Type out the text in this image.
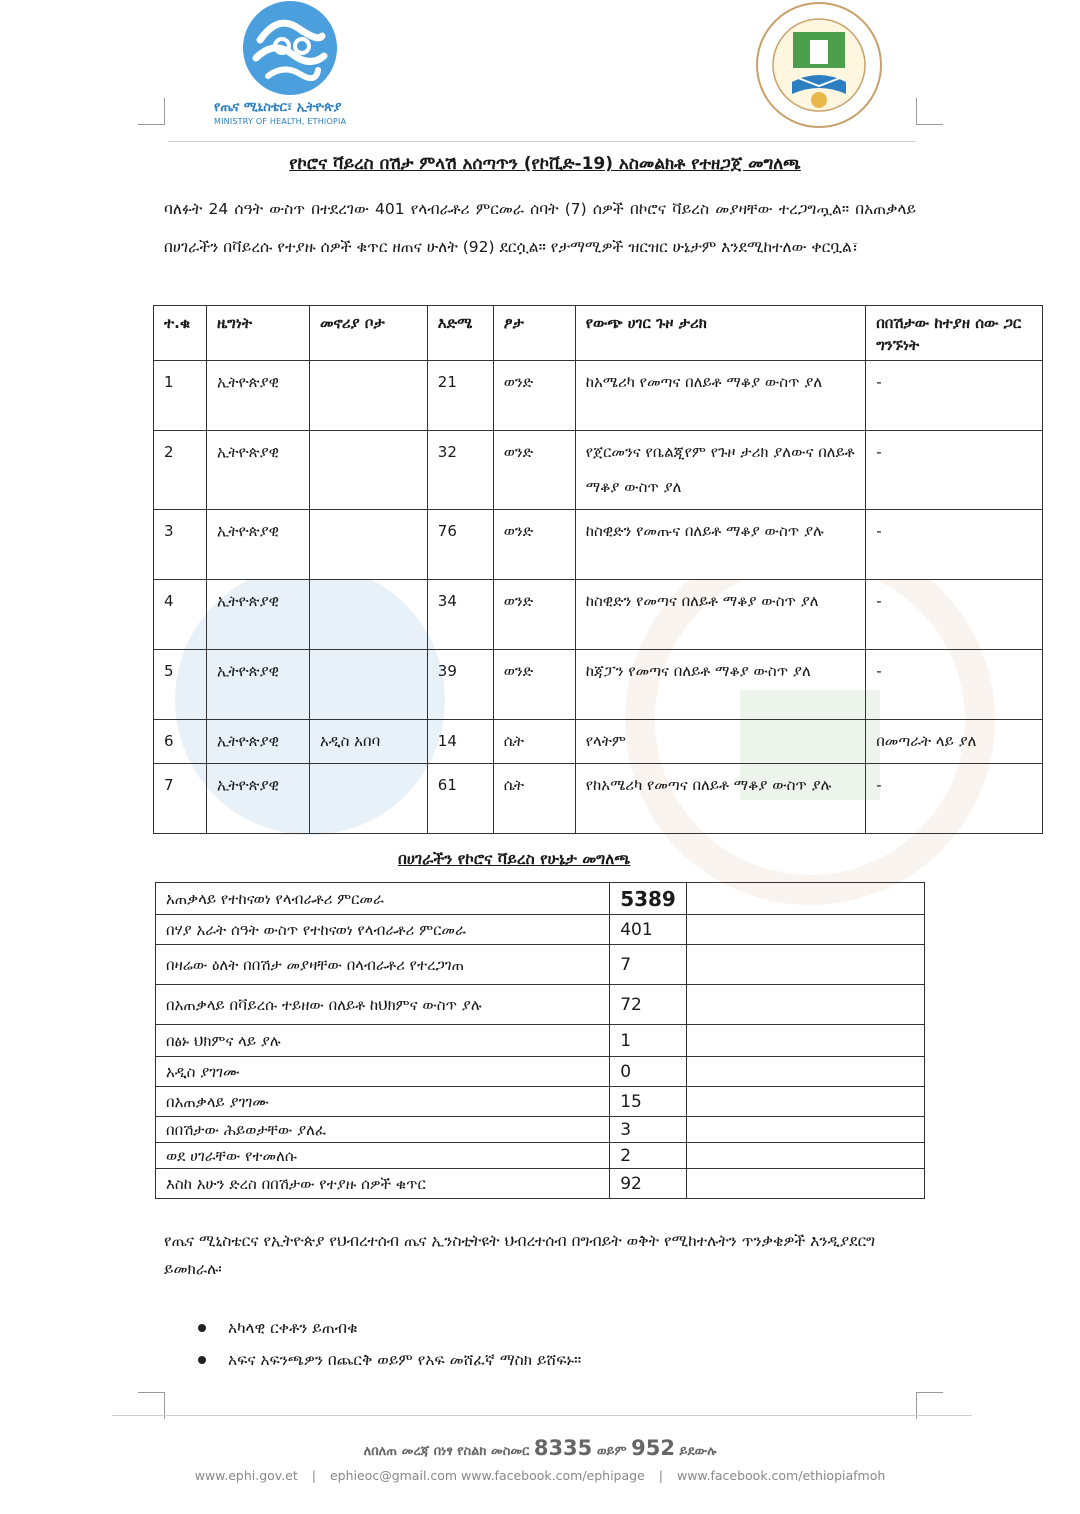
የጤና ሚኒስቴር፣ ኢትዮጵያ
MINISTRY OF HEALTH, ETHIOPIA
የኮሮና ቫይረስ በሽታ ምላሽ አሰጣጥን (የኮቪድ-19) አስመልክቶ የተዘጋጀ መግለጫ
ባለፉት 24 ሰዓት ውስጥ በተደረገው 401 የላብራቶሪ ምርመራ ሰባት (7) ሰዎች በኮሮና ቫይረስ መያዛቸው ተረጋግጧል። በአጠቃላይ በሀገራችን በቫይረሱ የተያዙ ሰዎች ቁጥር ዘጠና ሁለት (92) ደርሷል። የታማሚዎች ዝርዝር ሁኔታም እንደሚከተለው ቀርቧል፣
ተ.ቁ	ዜግነት	መኖሪያ ቦታ	እድሜ	ፆታ	የውጭ ሀገር ጉዞ ታሪክ	በበሽታው ከተያዘ ሰው ጋር ግንኙነት
1	ኢትዮጵያዊ		21	ወንድ	ከአሜሪካ የመጣና በለይቶ ማቆያ ውስጥ ያለ	-
2	ኢትዮጵያዊ		32	ወንድ	የጀርመንና የቤልጂየም የጉዞ ታሪክ ያለውና በለይቶ ማቆያ ውስጥ ያለ	-
3	ኢትዮጵያዊ		76	ወንድ	ከስዊድን የመጡና በለይቶ ማቆያ ውስጥ ያሉ	-
4	ኢትዮጵያዊ		34	ወንድ	ከስዊድን የመጣና በለይቶ ማቆያ ውስጥ ያለ	-
5	ኢትዮጵያዊ		39	ወንድ	ከጃፓን የመጣና በለይቶ ማቆያ ውስጥ ያለ	-
6	ኢትዮጵያዊ	አዲስ አበባ	14	ሴት	የላትም	በመጣራት ላይ ያለ
7	ኢትዮጵያዊ		61	ሴት	የከአሜሪካ የመጣና በለይቶ ማቆያ ውስጥ ያሉ	-
በሀገራችን የኮሮና ቫይረስ የሁኔታ መግለጫ
አጠቃላይ የተከናወነ የላብራቶሪ ምርመራ	5389	
በሃያ አራት ሰዓት ውስጥ የተከናወነ የላብራቶሪ ምርመራ	401	
በዛሬው ዕለት በበሽታ መያዛቸው በላብራቶሪ የተረጋገጠ	7	
በአጠቃላይ በቫይረሱ ተይዘው በለይቶ ከህክምና ውስጥ ያሉ	72	
በፅኑ ህክምና ላይ ያሉ	1	
አዲስ ያገገሙ	0	
በአጠቃላይ ያገገሙ	15	
በበሽታው ሕይወታቸው ያለፈ	3	
ወደ ሀገራቸው የተመለሱ	2	
እስከ አሁን ድረስ በበሽታው የተያዙ ሰዎች ቁጥር	92	
የጤና ሚኒስቴርና የኢትዮጵያ የህብረተሰብ ጤና ኢንስቲትዩት ህብረተሰብ በግብይት ወቅት የሚከተሉትን ጥንቃቄዎች እንዲያደርግ ይመክራሉ፡
አካላዊ ርቀቶን ይጠብቁ
አፍና አፍንጫዎን በጨርቅ ወይም የአፍ መሸፈኛ ማስክ ይሸፍኑ።
ለበለጠ መረጃ በነፃ የስልክ መስመር 8335 ወይም 952 ይደውሉ
www.ephi.gov.et | ephieoc@gmail.com www.facebook.com/ephipage | www.facebook.com/ethiopiafmoh
